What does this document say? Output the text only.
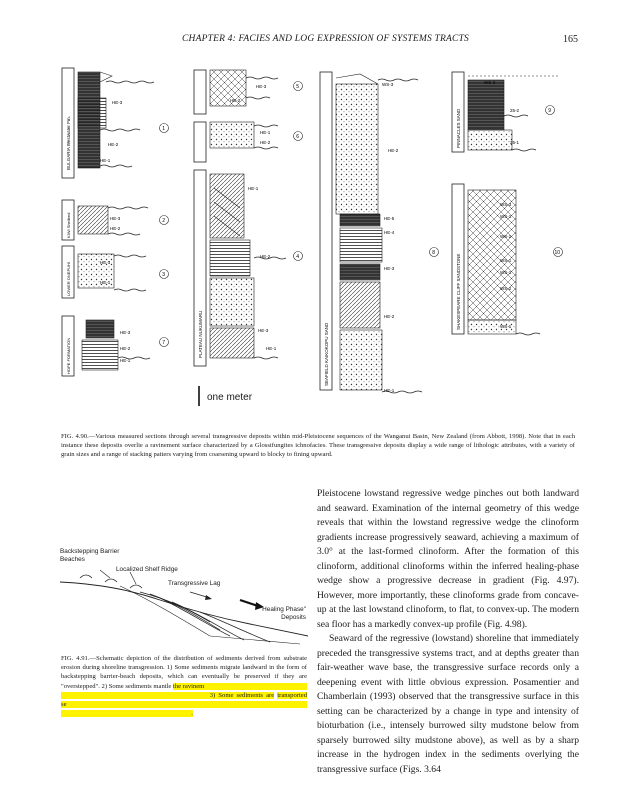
CHAPTER 4: FACIES AND LOG EXPRESSION OF SYSTEMS TRACTS	165
BULGARIA Westwater Fm.
HE-3
HE-2
HE-1
1
KIWI Shellbed	HE-3
HE-2
2
LOWER ONEPUHI	HE-3
HE-1
3
HOPE FORMATION
HE-3
HE-2
HE-1
7
HE-3
HE-2
5
HE-1
HE-2
6
PLATEAU NUKUMARU
HE-1
HE-2
HE-3
HE-1
4
SEAFIELD KAIKOKOPU SAND
WS-3
HE-2
HE-5
HE-4
HE-3
HE-2
HE-1
8
PINNACLES SAND
WS-3
25-2
25-1
9
SHAKESPEARE CLIFF SANDSTONE
WS-3
WS-1
WS-2
WS-1
WS-1
WS-2
WS-1
10
one meter
FIG. 4.90.—Various measured sections through several transgressive deposits within mid-Pleistocene sequences of the Wanganui Basin, New Zealand (from Abbott, 1998). Note that in each instance these deposits overlie a ravinement surface characterized by a Glossifungites ichnofacies. These transgressive deposits display a wide range of lithologic attributes, with a variety of grain sizes and a range of stacking patters varying from coarsening upward to blocky to fining upward.
Backstepping Barrier Beaches
Localized Shelf Ridge
Transgressive Lag
"Healing Phase" Deposits
FIG. 4.91.—Schematic depiction of the distribution of sediments derived from substrate erosion during shoreline transgression. 1) Some sediments migrate landward in the form of backstepping barrier-beach deposits, which can eventually be preserved if they are "overstepped". 2) Some sediments mantle the ravinem                                                                                                              3) Some sediments are transported se                                                                                                                                                      .

Pleistocene lowstand regressive wedge pinches out both landward and seaward. Examination of the internal geometry of this wedge reveals that within the lowstand regressive wedge the clinoform gradients increase progressively seaward, achieving a maximum of 3.0° at the last-formed clinoform. After the formation of this clinoform, additional clinoforms within the inferred healing-phase wedge show a progressive decrease in gradient (Fig. 4.97). However, more importantly, these clinoforms grade from concave-up at the last lowstand clinoform, to flat, to convex-up. The modern sea floor has a markedly convex-up profile (Fig. 4.98).

Seaward of the regressive (lowstand) shoreline that immediately preceded the transgressive systems tract, and at depths greater than fair-weather wave base, the transgressive surface records only a deepening event with little obvious expression. Posamentier and Chamberlain (1993) observed that the transgressive surface in this setting can be characterized by a change in type and intensity of bioturbation (i.e., intensely burrowed silty mudstone below from sparsely burrowed silty mudstone above), as well as by a sharp increase in the hydrogen index in the sediments overlying the transgressive surface (Figs. 3.64
